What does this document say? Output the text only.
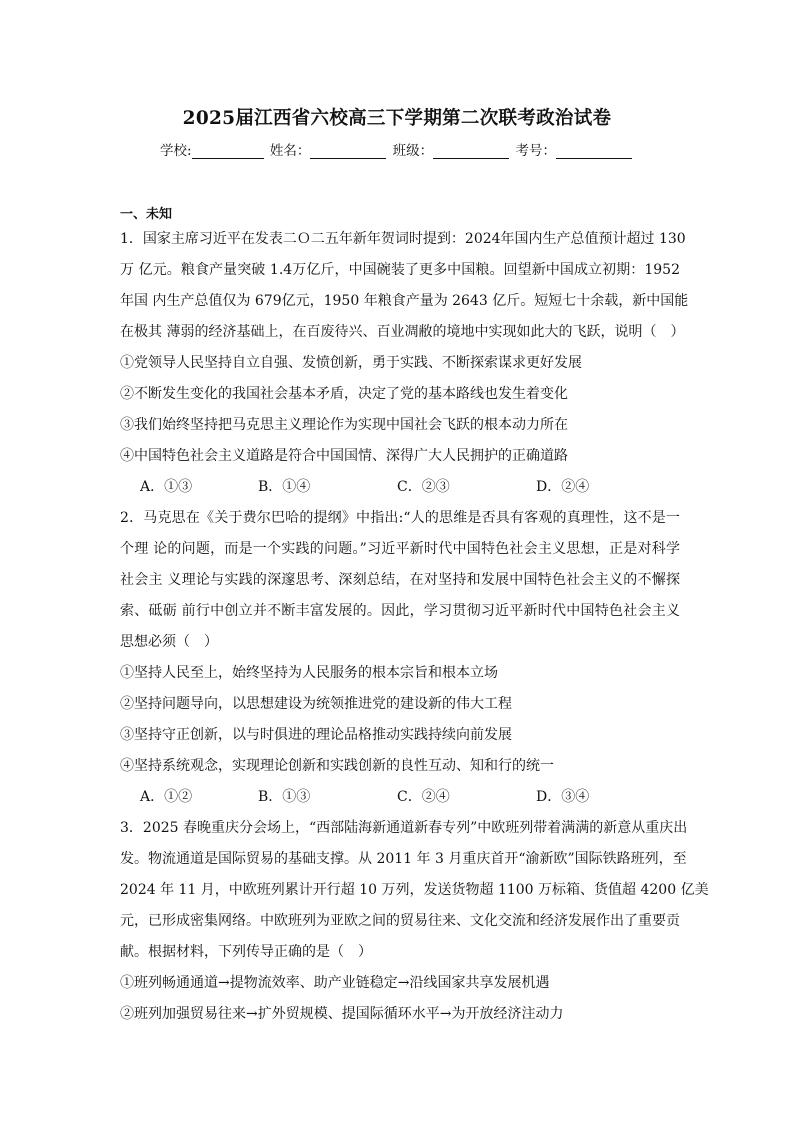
2025届江西省六校高三下学期第二次联考政治试卷
学校:	姓名：	班级：	考号：
一、未知
1．国家主席习近平在发表二Ｏ二五年新年贺词时提到：2024年国内生产总值预计超过 130
万 亿元。粮食产量突破 1.4万亿斤，中国碗装了更多中国粮。回望新中国成立初期：1952
年国 内生产总值仅为 679亿元，1950 年粮食产量为 2643 亿斤。短短七十余载，新中国能
在极其 薄弱的经济基础上，在百废待兴、百业凋敝的境地中实现如此大的飞跃，说明（　）
①党领导人民坚持自立自强、发愤创新，勇于实践、不断探索谋求更好发展
②不断发生变化的我国社会基本矛盾，决定了党的基本路线也发生着变化
③我们始终坚持把马克思主义理论作为实现中国社会飞跃的根本动力所在
④中国特色社会主义道路是符合中国国情、深得广大人民拥护的正确道路
A．①③	B．①④	C．②③	D．②④
2．马克思在《关于费尔巴哈的提纲》中指出:“人的思维是否具有客观的真理性，这不是一
个理 论的问题，而是一个实践的问题。”习近平新时代中国特色社会主义思想，正是对科学
社会主 义理论与实践的深邃思考、深刻总结，在对坚持和发展中国特色社会主义的不懈探
索、砥砺 前行中创立并不断丰富发展的。因此，学习贯彻习近平新时代中国特色社会主义
思想必须（　）
①坚持人民至上，始终坚持为人民服务的根本宗旨和根本立场
②坚持问题导向，以思想建设为统领推进党的建设新的伟大工程
③坚持守正创新，以与时俱进的理论品格推动实践持续向前发展
④坚持系统观念，实现理论创新和实践创新的良性互动、知和行的统一
A．①②	B．①③	C．②④	D．③④
3．2025 春晚重庆分会场上，“西部陆海新通道新春专列”中欧班列带着满满的新意从重庆出
发。物流通道是国际贸易的基础支撑。从 2011 年 3 月重庆首开“渝新欧”国际铁路班列，至
2024 年 11 月，中欧班列累计开行超 10 万列，发送货物超 1100 万标箱、货值超 4200 亿美
元，已形成密集网络。中欧班列为亚欧之间的贸易往来、文化交流和经济发展作出了重要贡
献。根据材料，下列传导正确的是（　）
①班列畅通通道→提物流效率、助产业链稳定→沿线国家共享发展机遇
②班列加强贸易往来→扩外贸规模、提国际循环水平→为开放经济注动力
